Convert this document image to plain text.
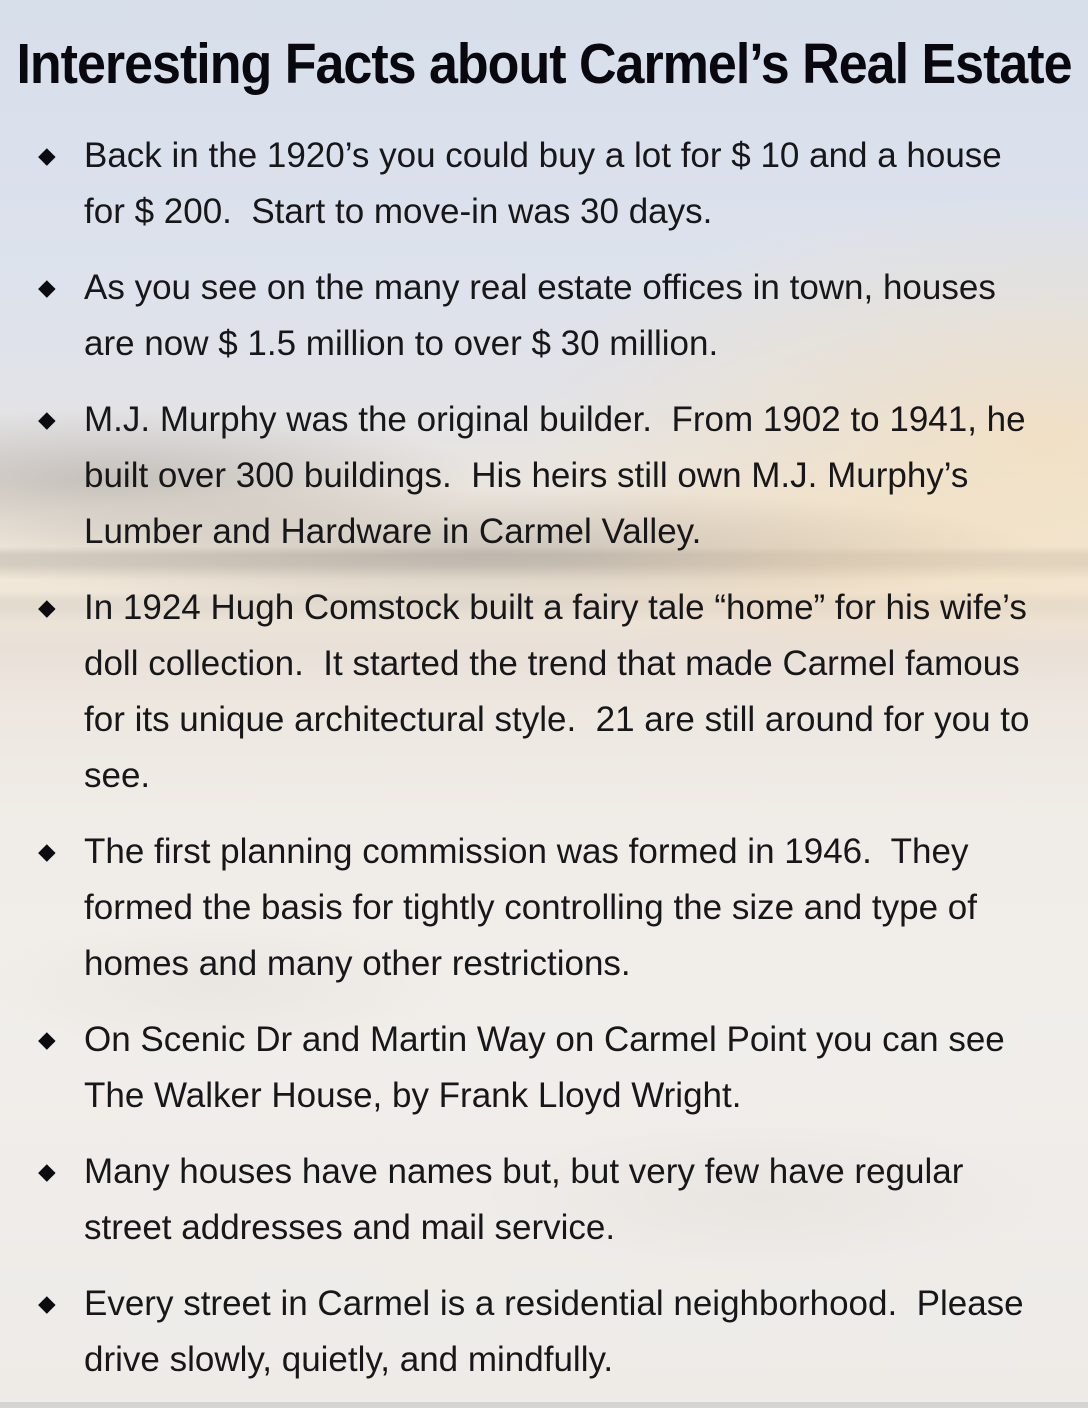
Interesting Facts about Carmel’s Real Estate
◆ Back in the 1920’s you could buy a lot for $ 10 and a house for $ 200.  Start to move-in was 30 days.
◆ As you see on the many real estate offices in town, houses are now $ 1.5 million to over $ 30 million.
◆ M.J. Murphy was the original builder.  From 1902 to 1941, he built over 300 buildings.  His heirs still own M.J. Murphy’s Lumber and Hardware in Carmel Valley.
◆ In 1924 Hugh Comstock built a fairy tale “home” for his wife’s doll collection.  It started the trend that made Carmel famous for its unique architectural style.  21 are still around for you to see.
◆ The first planning commission was formed in 1946.  They formed the basis for tightly controlling the size and type of homes and many other restrictions.
◆ On Scenic Dr and Martin Way on Carmel Point you can see The Walker House, by Frank Lloyd Wright.
◆ Many houses have names but, but very few have regular street addresses and mail service.
◆ Every street in Carmel is a residential neighborhood.  Please drive slowly, quietly, and mindfully.
